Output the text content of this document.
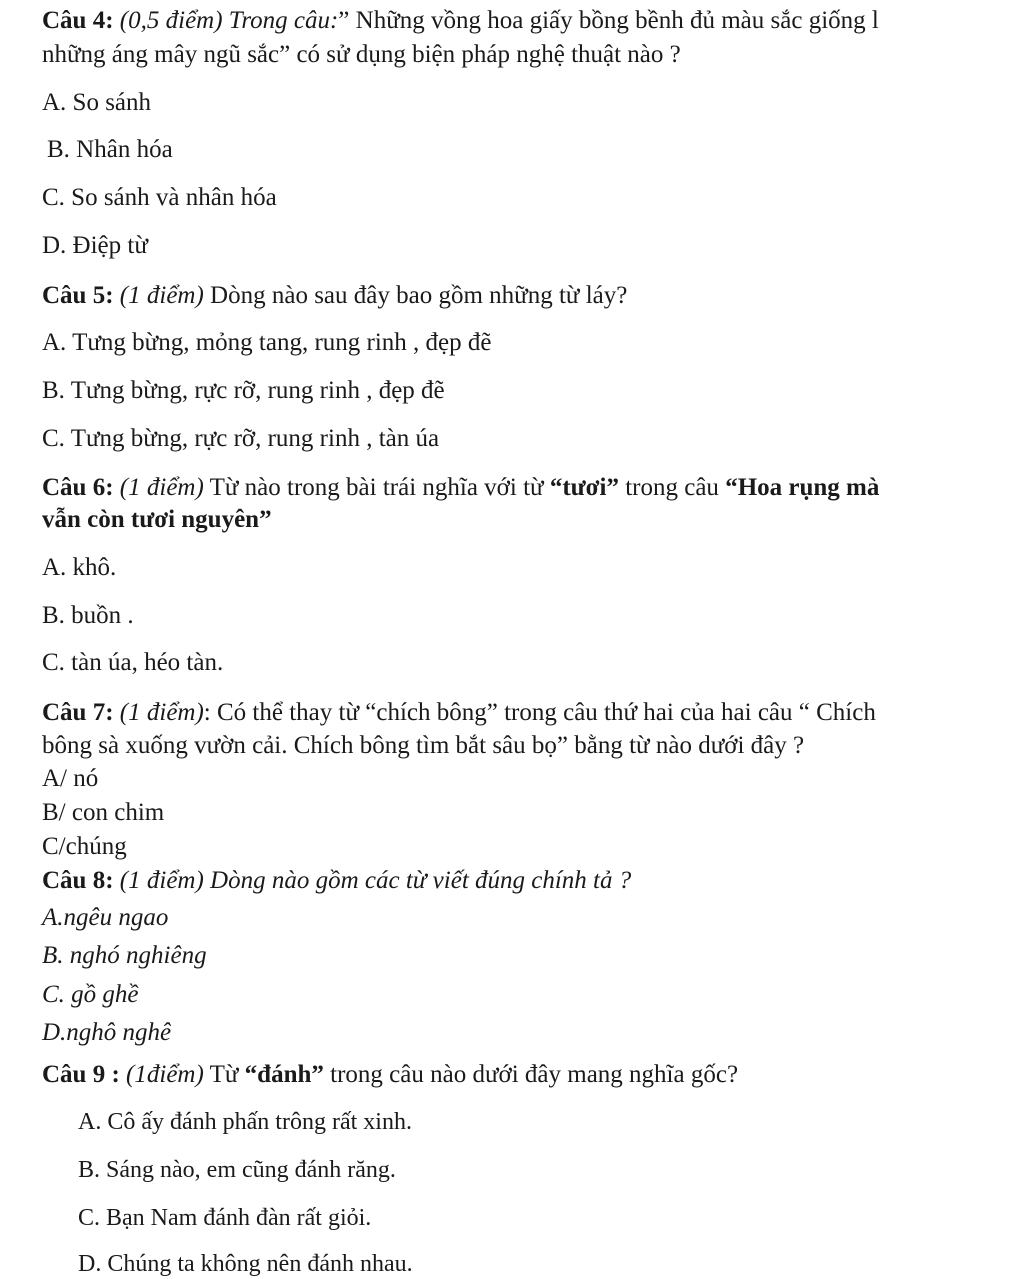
Câu 4: (0,5 điểm) Trong câu:” Những vồng hoa giấy bồng bềnh đủ màu sắc giống l
những áng mây ngũ sắc” có sử dụng biện pháp nghệ thuật nào ?
A. So sánh
B. Nhân hóa
C. So sánh và nhân hóa
D. Điệp từ
Câu 5: (1 điểm) Dòng nào sau đây bao gồm những từ láy?
A. Tưng bừng, mỏng tang, rung rinh , đẹp đẽ
B. Tưng bừng, rực rỡ, rung rinh , đẹp đẽ
C. Tưng bừng, rực rỡ, rung rinh , tàn úa
Câu 6: (1 điểm) Từ nào trong bài trái nghĩa với từ “tươi” trong câu “Hoa rụng mà
vẫn còn tươi nguyên”
A. khô.
B. buồn .
C. tàn úa, héo tàn.
Câu 7: (1 điểm): Có thể thay từ “chích bông” trong câu thứ hai của hai câu “ Chích
bông sà xuống vườn cải. Chích bông tìm bắt sâu bọ” bằng từ nào dưới đây ?
A/ nó
B/ con chim
C/chúng
Câu 8: (1 điểm) Dòng nào gồm các từ viết đúng chính tả ?
A.ngêu ngao
B. nghó nghiêng
C. gồ ghề
D.nghô nghê
Câu 9 : (1điểm) Từ “đánh” trong câu nào dưới đây mang nghĩa gốc?
A. Cô ấy đánh phấn trông rất xinh.
B. Sáng nào, em cũng đánh răng.
C. Bạn Nam đánh đàn rất giỏi.
D. Chúng ta không nên đánh nhau.
